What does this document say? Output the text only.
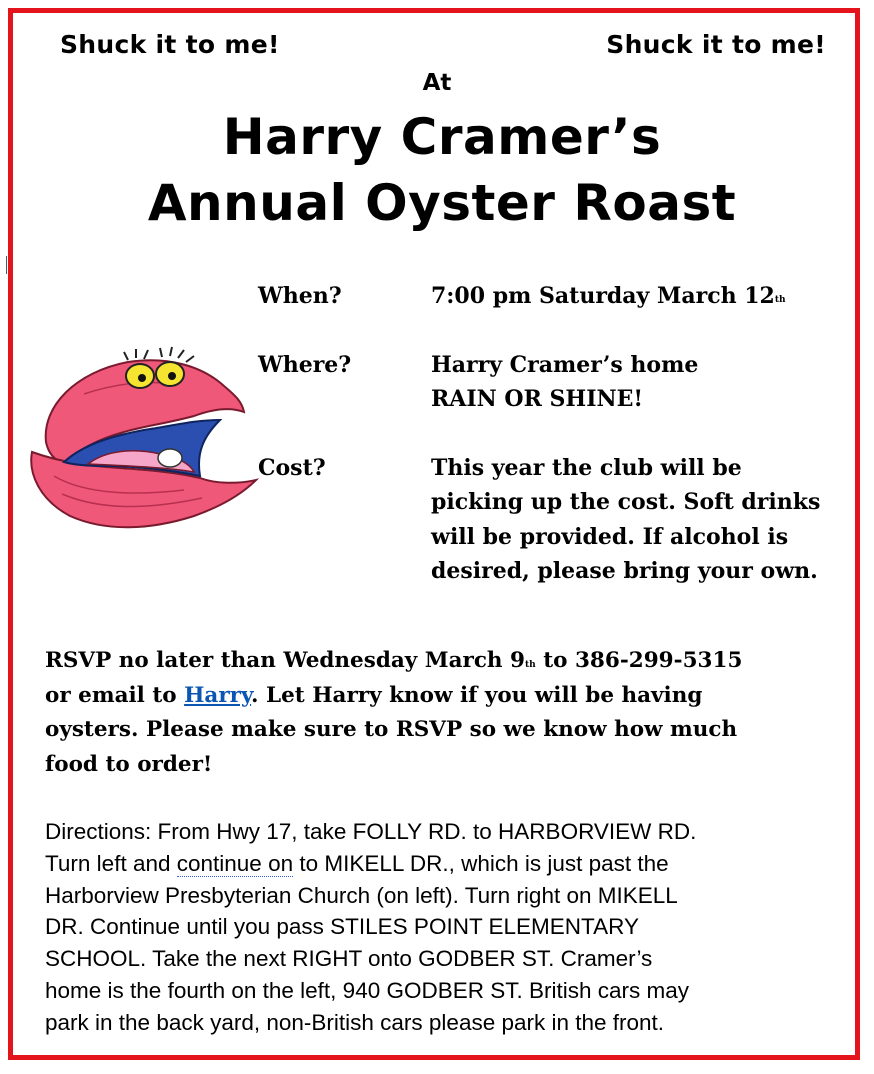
Shuck it to me!	Shuck it to me!
At
Harry Cramer’s
Annual Oyster Roast
When?	7:00 pm Saturday March 12th
Where?	Harry Cramer’s home
RAIN OR SHINE!
Cost?	This year the club will be
picking up the cost. Soft drinks
will be provided. If alcohol is
desired, please bring your own.
RSVP no later than Wednesday March 9th to 386-299-5315
or email to Harry. Let Harry know if you will be having
oysters. Please make sure to RSVP so we know how much
food to order!
Directions: From Hwy 17, take FOLLY RD. to HARBORVIEW RD.
Turn left and continue on to MIKELL DR., which is just past the
Harborview Presbyterian Church (on left). Turn right on MIKELL
DR. Continue until you pass STILES POINT ELEMENTARY
SCHOOL. Take the next RIGHT onto GODBER ST. Cramer’s
home is the fourth on the left, 940 GODBER ST. British cars may
park in the back yard, non-British cars please park in the front.
